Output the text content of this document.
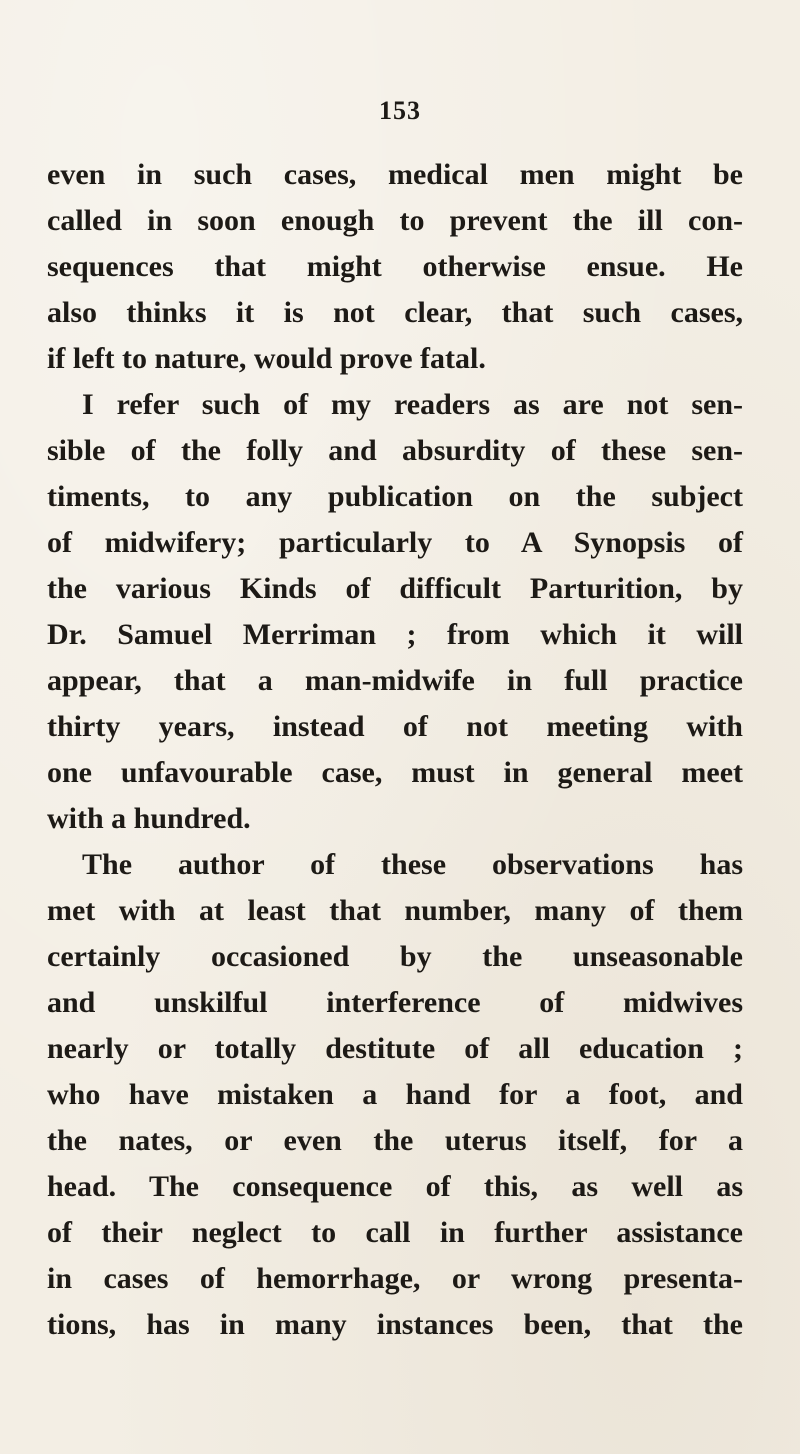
153
even in such cases, medical men might be
called in soon enough to prevent the ill con-
sequences that might otherwise ensue. He
also thinks it is not clear, that such cases,
if left to nature, would prove fatal.
I refer such of my readers as are not sen-
sible of the folly and absurdity of these sen-
timents, to any publication on the subject
of midwifery; particularly to A Synopsis of
the various Kinds of difficult Parturition, by
Dr. Samuel Merriman ; from which it will
appear, that a man-midwife in full practice
thirty years, instead of not meeting with
one unfavourable case, must in general meet
with a hundred.
The author of these observations has
met with at least that number, many of them
certainly occasioned by the unseasonable
and unskilful interference of midwives
nearly or totally destitute of all education ;
who have mistaken a hand for a foot, and
the nates, or even the uterus itself, for a
head. The consequence of this, as well as
of their neglect to call in further assistance
in cases of hemorrhage, or wrong presenta-
tions, has in many instances been, that the
